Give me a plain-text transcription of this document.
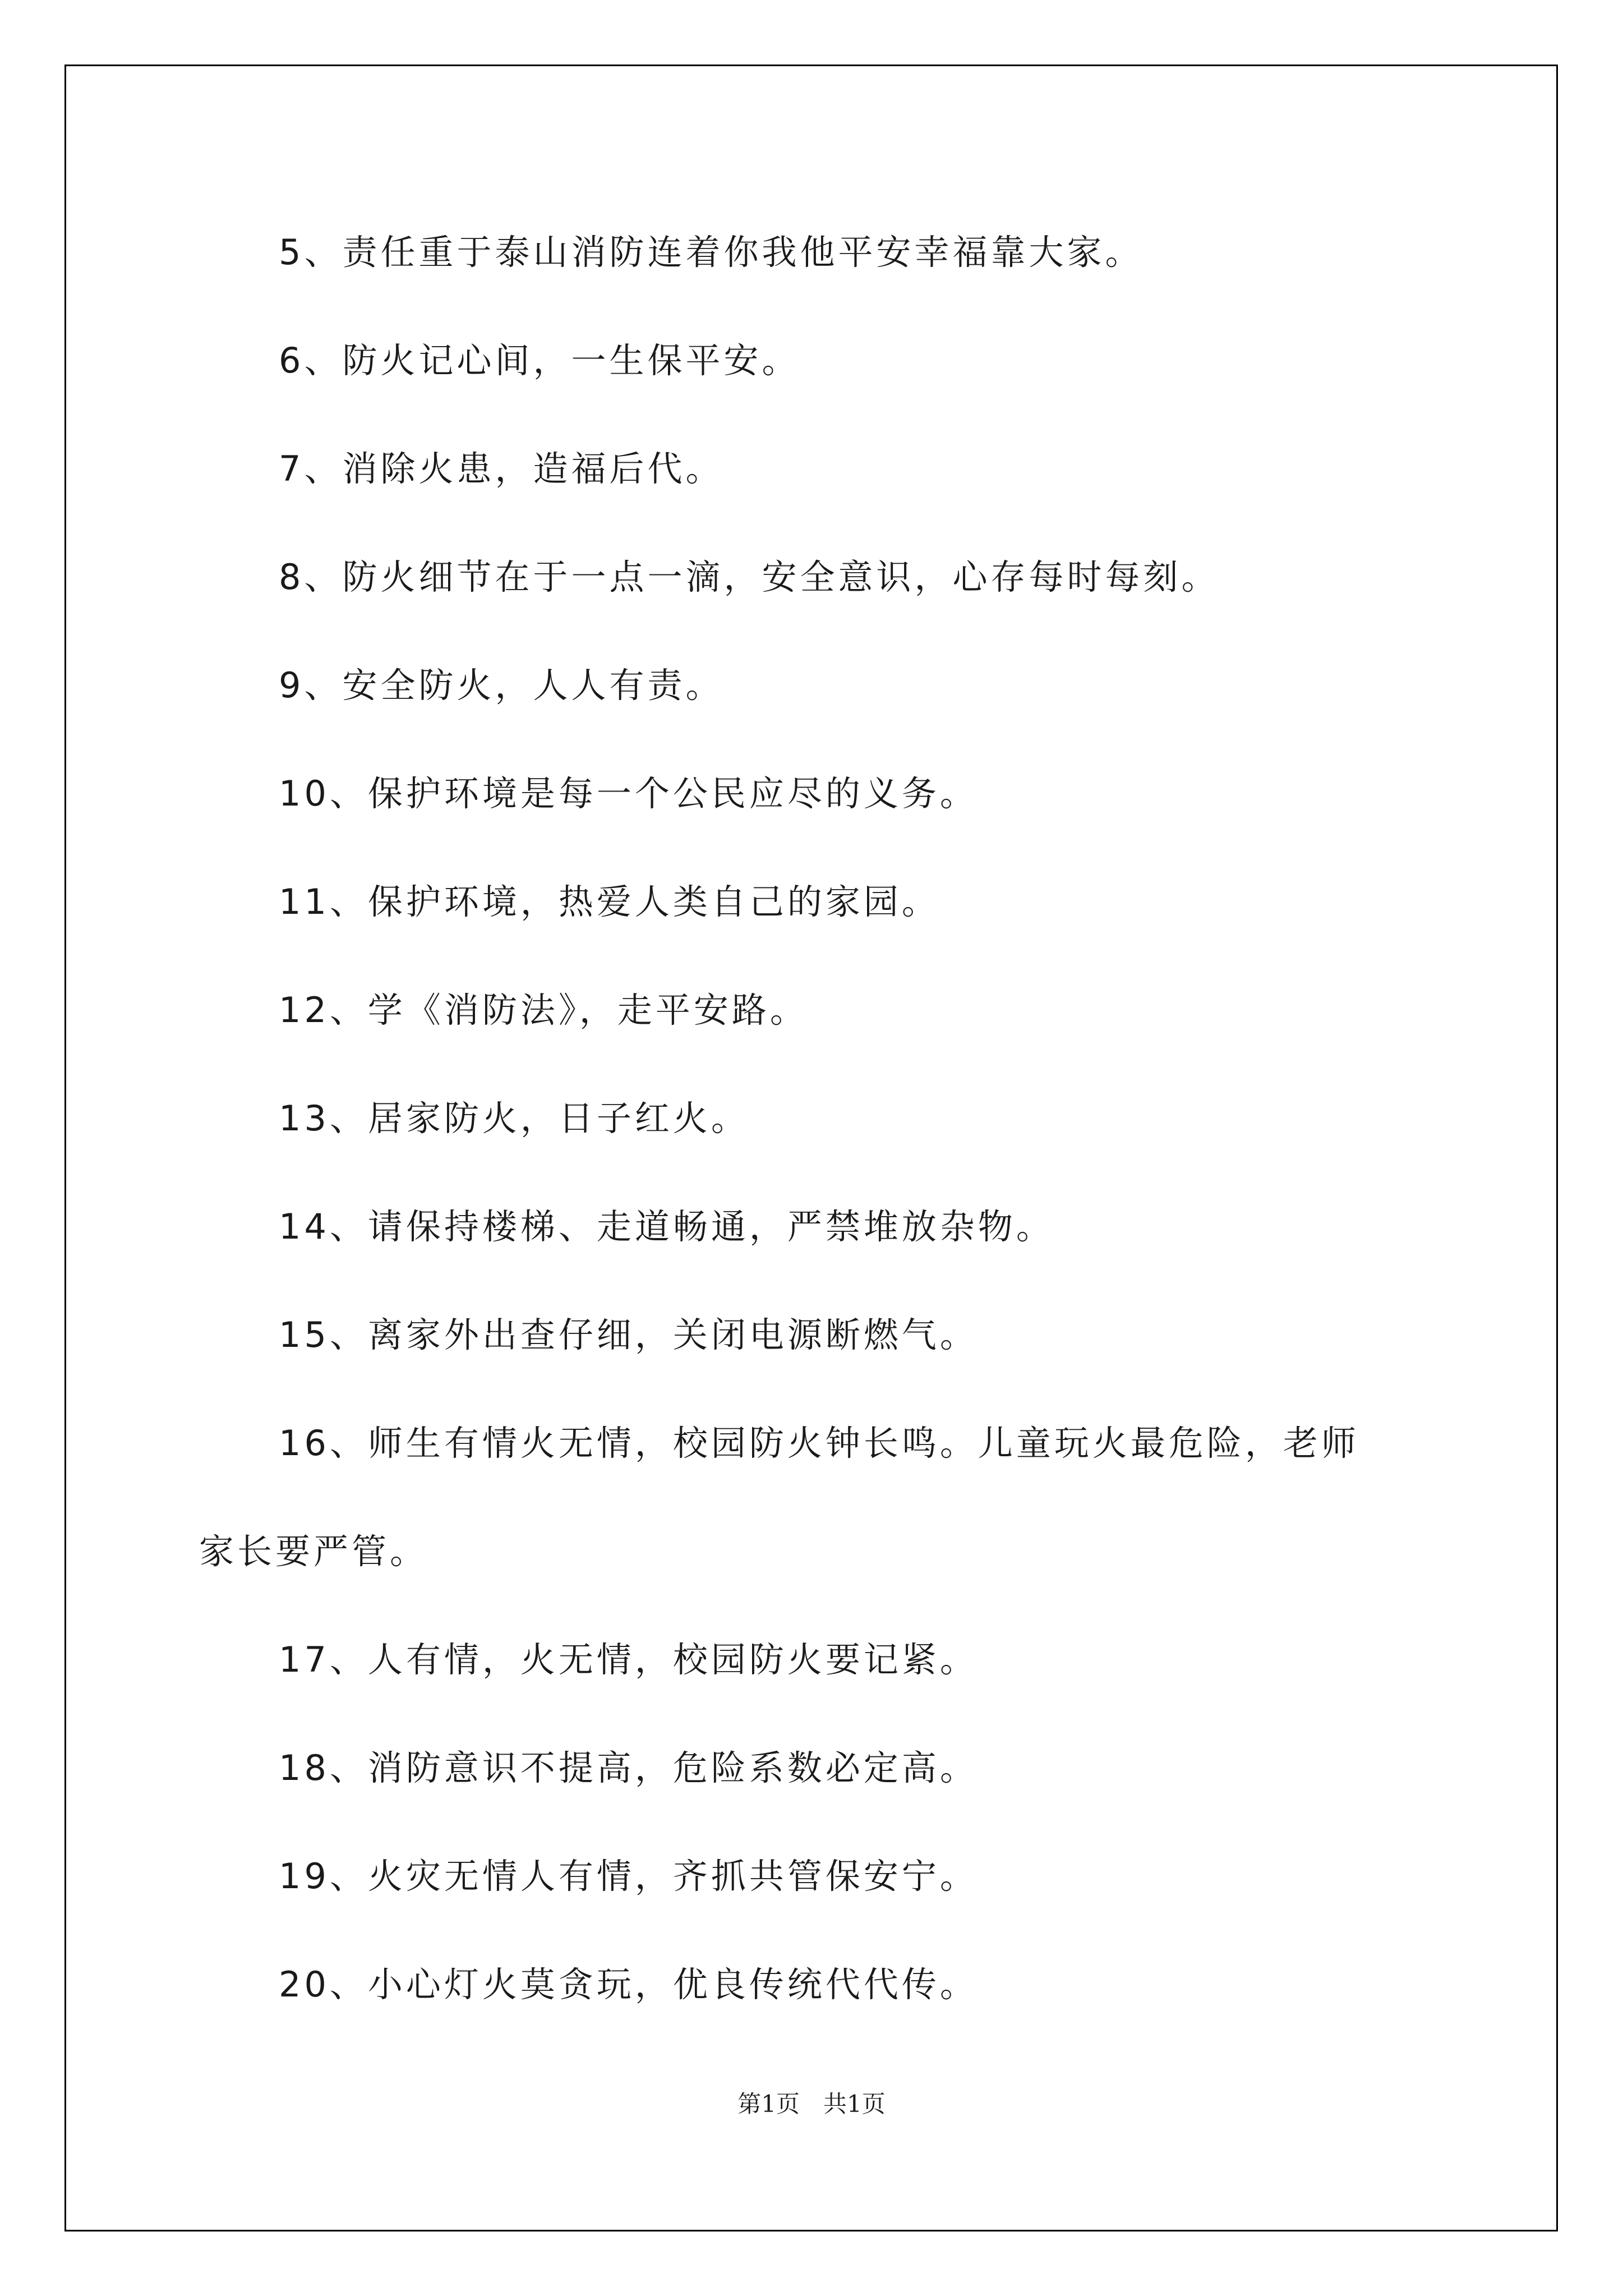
5、责任重于泰山消防连着你我他平安幸福靠大家。
6、防火记心间，一生保平安。
7、消除火患，造福后代。
8、防火细节在于一点一滴，安全意识，心存每时每刻。
9、安全防火，人人有责。
10、保护环境是每一个公民应尽的义务。
11、保护环境，热爱人类自己的家园。
12、学《消防法》，走平安路。
13、居家防火，日子红火。
14、请保持楼梯、走道畅通，严禁堆放杂物。
15、离家外出查仔细，关闭电源断燃气。
16、师生有情火无情，校园防火钟长鸣。儿童玩火最危险，老师
家长要严管。
17、人有情，火无情，校园防火要记紧。
18、消防意识不提高，危险系数必定高。
19、火灾无情人有情，齐抓共管保安宁。
20、小心灯火莫贪玩，优良传统代代传。
第1页　共1页
